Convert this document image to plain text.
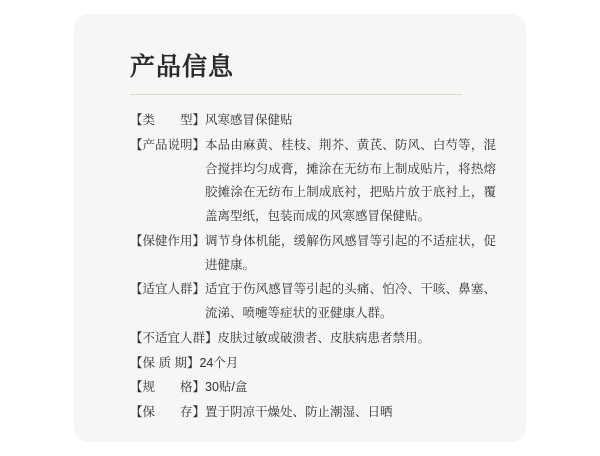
产品信息
【类　　型】 风寒感冒保健贴
【产品说明】 本品由麻黄、桂枝、荆芥、黄芪、防风、白芍等，混合搅拌均匀成膏，摊涂在无纺布上制成贴片，将热熔胶摊涂在无纺布上制成底衬，把贴片放于底衬上，覆盖离型纸，包装而成的风寒感冒保健贴。
【保健作用】 调节身体机能，缓解伤风感冒等引起的不适症状，促进健康。
【适宜人群】 适宜于伤风感冒等引起的头痛、怕冷、干咳、鼻塞、流涕、喷嚏等症状的亚健康人群。
【不适宜人群】 皮肤过敏或破溃者、皮肤病患者禁用。
【保 质 期】 24个月
【规　　格】 30贴/盒
【保　　存】 置于阴凉干燥处、防止潮湿、日晒
